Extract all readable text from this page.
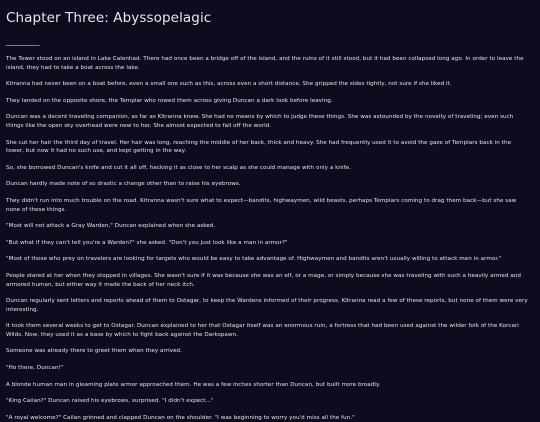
Chapter Three: Abyssopelagic
___________

The Tower stood on an island in Lake Calenhad. There had once been a bridge off of the island, and the ruins of it still stood, but it had been collapsed long ago. In order to leave the island, they had to take a boat across the lake.

Kitranna had never been on a boat before, even a small one such as this, across even a short distance. She gripped the sides tightly, not sure if she liked it.

They landed on the opposite shore, the Templar who rowed them across giving Duncan a dark look before leaving.

Duncan was a decent traveling companion, as far as Kitranna knew. She had no means by which to judge these things. She was astounded by the novelty of traveling; even such things like the open sky overhead were new to her. She almost expected to fall off the world.

She cut her hair the third day of travel. Her hair was long, reaching the middle of her back, thick and heavy. She had frequently used it to avoid the gaze of Templars back in the tower, but now it had no such use, and kept getting in the way.

So, she borrowed Duncan's knife and cut it all off, hacking it as close to her scalp as she could manage with only a knife.

Duncan hardly made note of so drastic a change other than to raise his eyebrows.

They didn't run into much trouble on the road. Kitranna wasn't sure what to expect—bandits, highwaymen, wild beasts, perhaps Templars coming to drag them back—but she saw none of these things.

"Most will not attack a Gray Warden," Duncan explained when she asked.

"But what if they can't tell you're a Warden?" she asked. "Don't you just look like a man in armor?"

"Most of those who prey on travelers are looking for targets who would be easy to take advantage of. Highwaymen and bandits aren't usually willing to attack men in armor."

People stared at her when they stopped in villages. She wasn't sure if it was because she was an elf, or a mage, or simply because she was traveling with such a heavily armed and armored human, but either way it made the back of her neck itch.

Duncan regularly sent letters and reports ahead of them to Ostagar, to keep the Wardens informed of their progress. Kitranna read a few of these reports, but none of them were very interesting.

It took them several weeks to get to Ostagar. Duncan explained to her that Ostagar itself was an enormous ruin, a fortress that had been used against the wilder folk of the Korcari Wilds. Now, they used it as a base by which to fight back against the Darkspawn.

Someone was already there to greet them when they arrived.

"Ho there, Duncan!"

A blonde human man in gleaming plate armor approached them. He was a few inches shorter than Duncan, but built more broadly.

"King Cailan?" Duncan raised his eyebrows, surprised. "I didn't expect..."

"A royal welcome?" Cailan grinned and clapped Duncan on the shoulder. "I was beginning to worry you'd miss all the fun."
